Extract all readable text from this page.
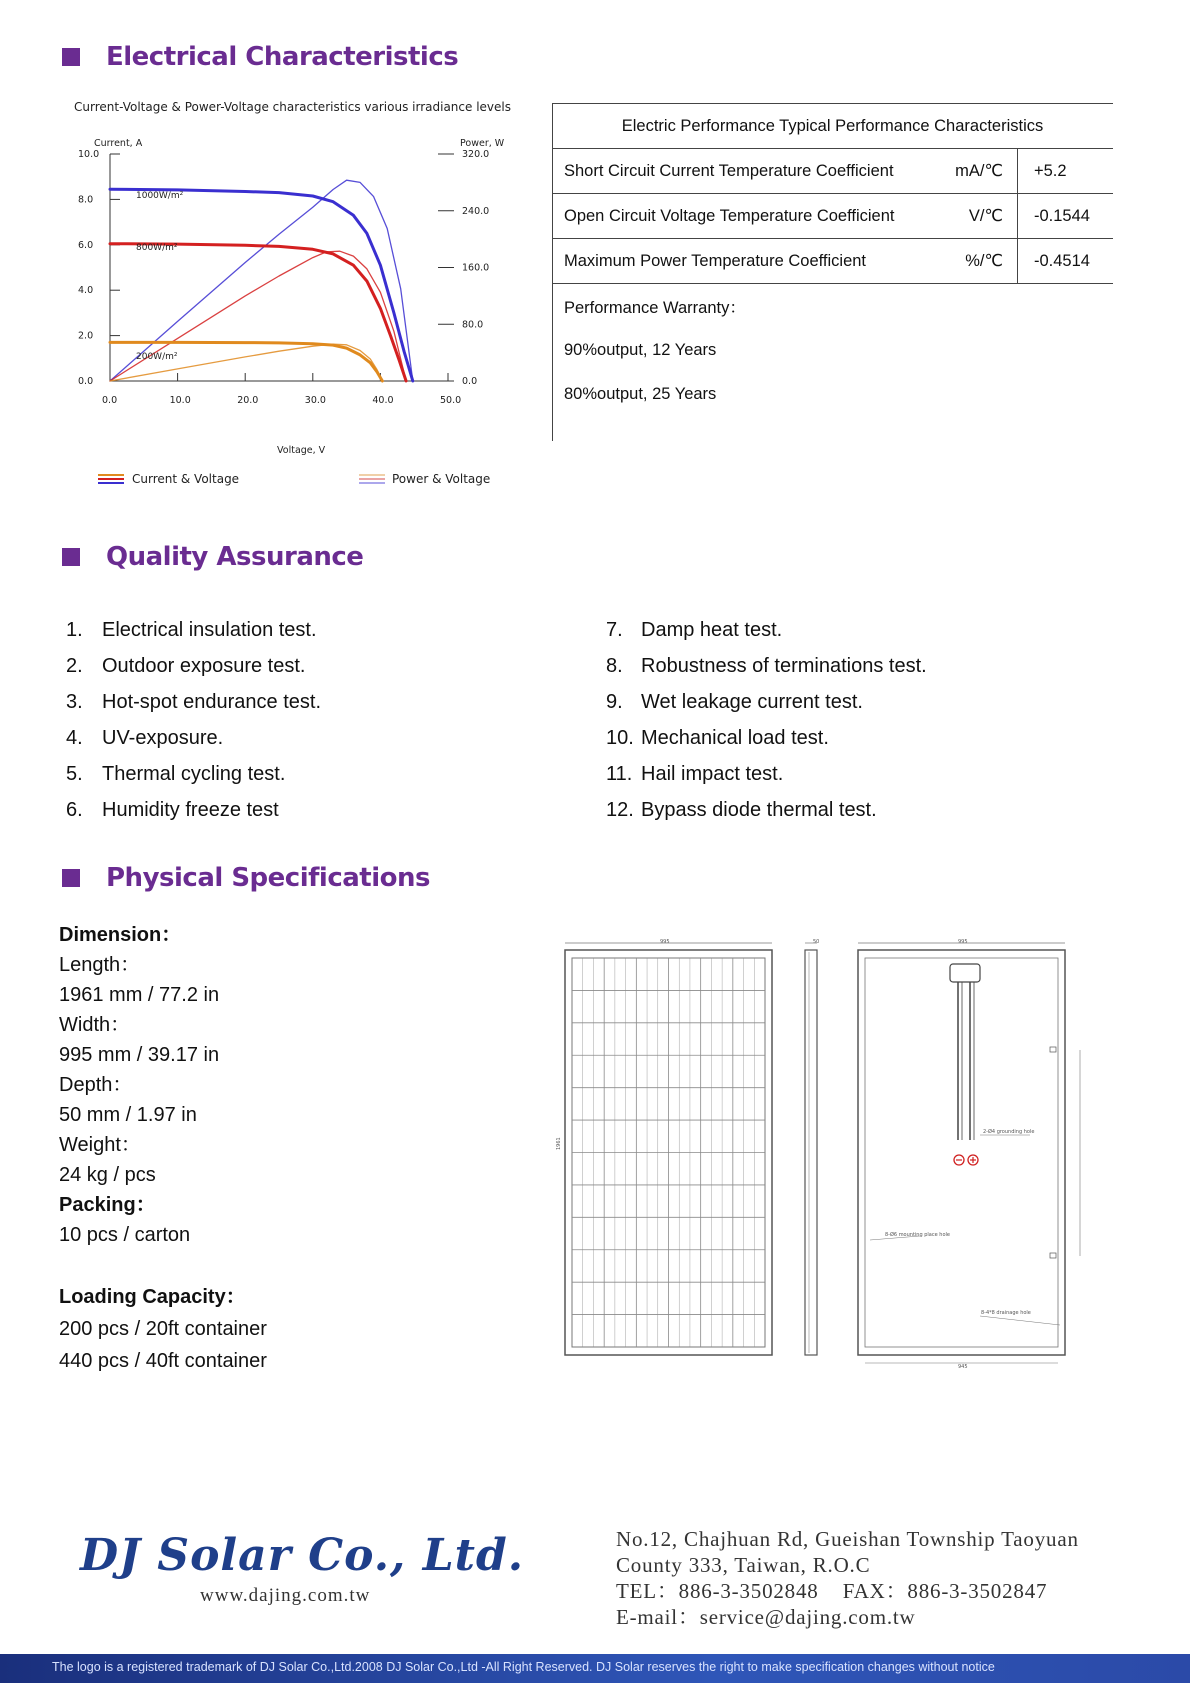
Electrical Characteristics
Quality Assurance
Physical Specifications
Current-Voltage & Power-Voltage characteristics various irradiance levels
Current, A	Power, W
Voltage, V
0.0
2.0
4.0
6.0
8.0
10.0
0.0
80.0
160.0
240.0
320.0
0.0	10.0	20.0	30.0	40.0	50.0
1000W/m²
800W/m²
200W/m²
Current & Voltage	Power & Voltage
Electric Performance Typical Performance Characteristics
Short Circuit Current Temperature Coefficient	mA/℃	+5.2
Open Circuit Voltage Temperature Coefficient	V/℃	-0.1544
Maximum Power Temperature Coefficient	%/℃	-0.4514
Performance Warranty：
90%output, 12 Years
80%output, 25 Years
1. Electrical insulation test.
2. Outdoor exposure test.
3. Hot-spot endurance test.
4. UV-exposure.
5. Thermal cycling test.
6. Humidity freeze test
7. Damp heat test.
8. Robustness of terminations test.
9. Wet leakage current test.
10. Mechanical load test.
11. Hail impact test.
12. Bypass diode thermal test.
Dimension：
Length：
1961 mm / 77.2 in
Width：
995 mm / 39.17 in
Depth：
50 mm / 1.97 in
Weight：
24 kg / pcs
Packing：
10 pcs / carton
Loading Capacity：
200 pcs / 20ft container
440 pcs / 40ft container
995
1961
50
2-Ø4 grounding hole
8-Ø6 mounting place hole
8-4*8 drainage hole
945
995
DJ Solar Co., Ltd.
www.dajing.com.tw
No.12, Chajhuan Rd, Gueishan Township Taoyuan
County 333, Taiwan, R.O.C
TEL：886-3-3502848    FAX：886-3-3502847
E-mail：service@dajing.com.tw
The logo is a registered trademark of DJ Solar Co.,Ltd.2008 DJ Solar Co.,Ltd -All Right Reserved. DJ Solar reserves the right to make specification changes without notice
